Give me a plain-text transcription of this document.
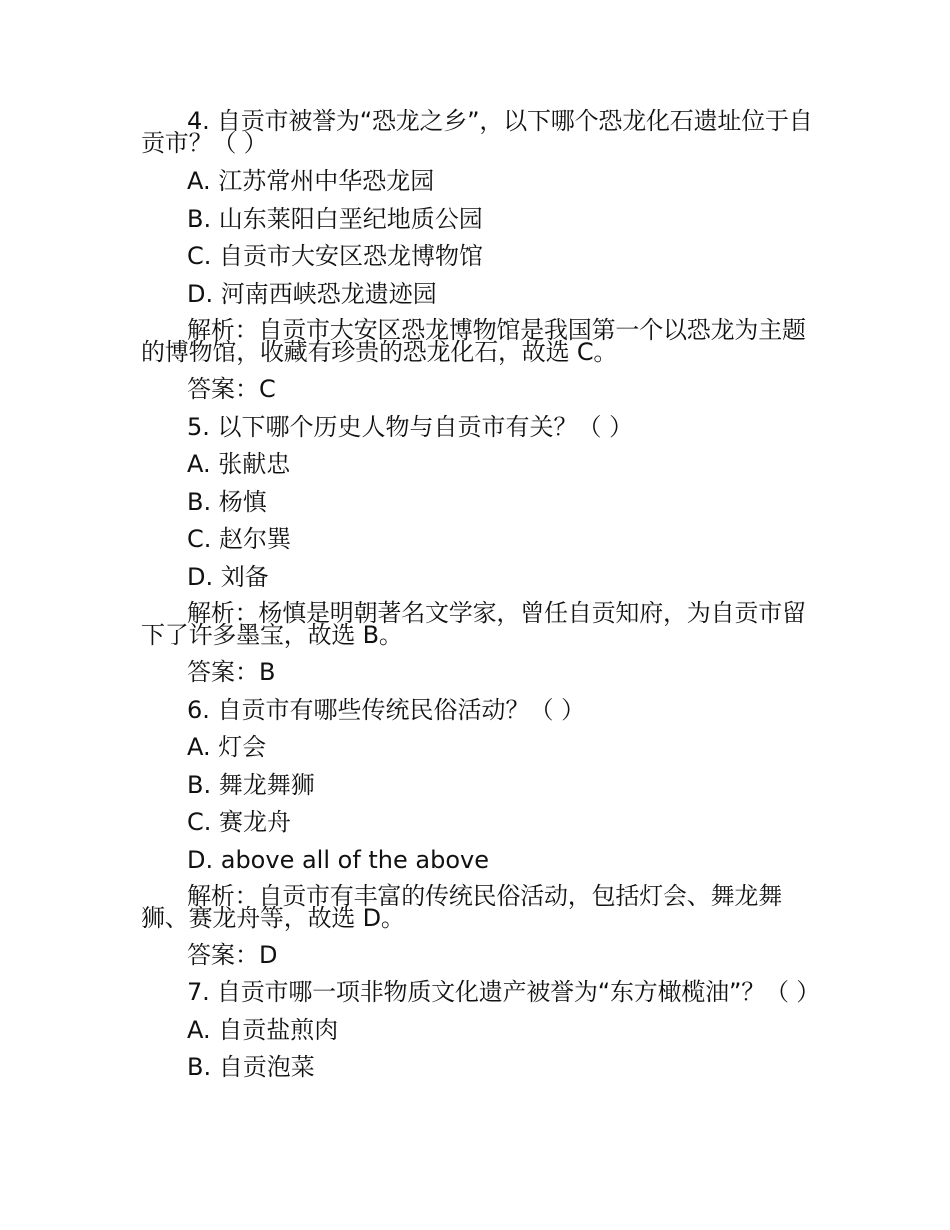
4. 自贡市被誉为“恐龙之乡”，以下哪个恐龙化石遗址位于自贡市？（ ）

A. 江苏常州中华恐龙园

B. 山东莱阳白垩纪地质公园

C. 自贡市大安区恐龙博物馆

D. 河南西峡恐龙遗迹园

解析：自贡市大安区恐龙博物馆是我国第一个以恐龙为主题的博物馆，收藏有珍贵的恐龙化石，故选 C。

答案：C

5. 以下哪个历史人物与自贡市有关？（ ）

A. 张献忠

B. 杨慎

C. 赵尔巽

D. 刘备

解析：杨慎是明朝著名文学家，曾任自贡知府，为自贡市留下了许多墨宝，故选 B。

答案：B

6. 自贡市有哪些传统民俗活动？（ ）

A. 灯会

B. 舞龙舞狮

C. 赛龙舟

D. above all of the above

解析：自贡市有丰富的传统民俗活动，包括灯会、舞龙舞狮、赛龙舟等，故选 D。

答案：D

7. 自贡市哪一项非物质文化遗产被誉为“东方橄榄油”？（ ）

A. 自贡盐煎肉

B. 自贡泡菜
